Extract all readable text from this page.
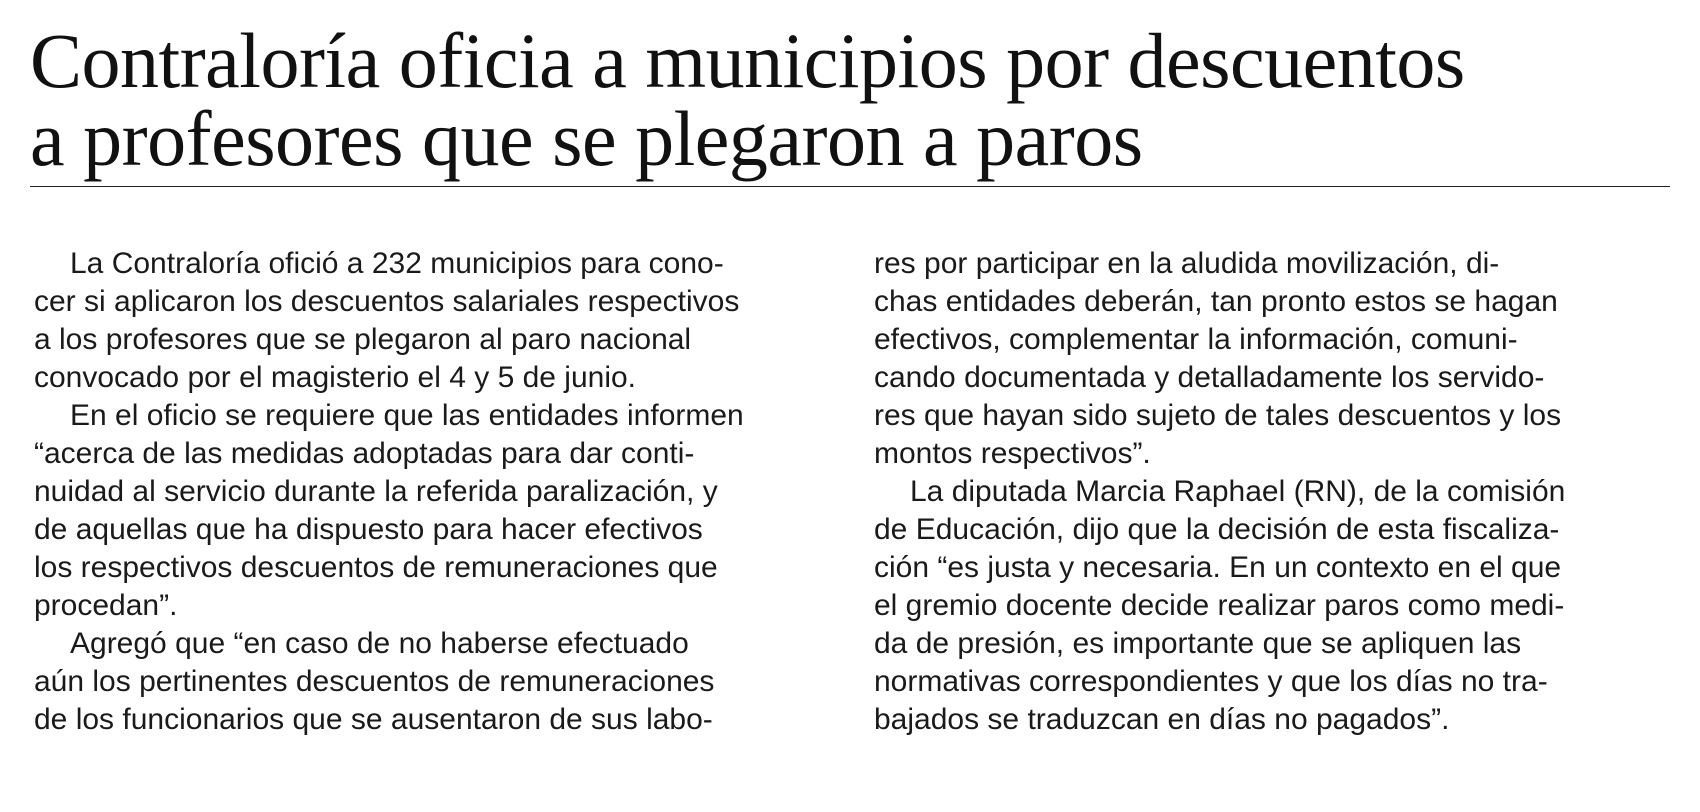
Contraloría oficia a municipios por descuentos
a profesores que se plegaron a paros
La Contraloría ofició a 232 municipios para cono-
cer si aplicaron los descuentos salariales respectivos
a los profesores que se plegaron al paro nacional
convocado por el magisterio el 4 y 5 de junio.
En el oficio se requiere que las entidades informen
“acerca de las medidas adoptadas para dar conti-
nuidad al servicio durante la referida paralización, y
de aquellas que ha dispuesto para hacer efectivos
los respectivos descuentos de remuneraciones que
procedan”.
Agregó que “en caso de no haberse efectuado
aún los pertinentes descuentos de remuneraciones
de los funcionarios que se ausentaron de sus labo-
res por participar en la aludida movilización, di-
chas entidades deberán, tan pronto estos se hagan
efectivos, complementar la información, comuni-
cando documentada y detalladamente los servido-
res que hayan sido sujeto de tales descuentos y los
montos respectivos”.
La diputada Marcia Raphael (RN), de la comisión
de Educación, dijo que la decisión de esta fiscaliza-
ción “es justa y necesaria. En un contexto en el que
el gremio docente decide realizar paros como medi-
da de presión, es importante que se apliquen las
normativas correspondientes y que los días no tra-
bajados se traduzcan en días no pagados”.
